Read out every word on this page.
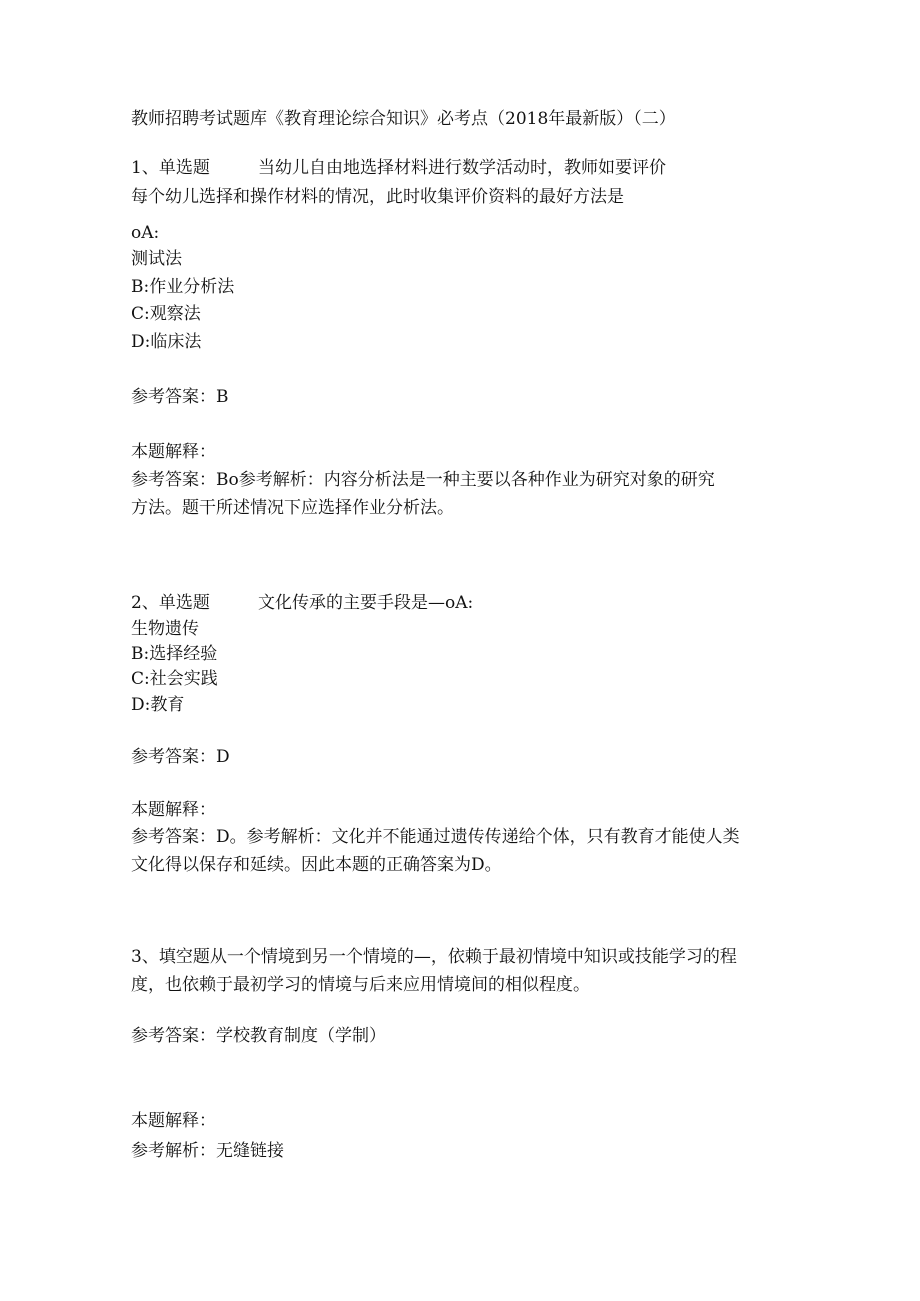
教师招聘考试题库《教育理论综合知识》必考点（2018年最新版）（二）
1、单选题	当幼儿自由地选择材料进行数学活动时，教师如要评价
每个幼儿选择和操作材料的情况，此时收集评价资料的最好方法是
oA:
测试法
B:作业分析法
C:观察法
D:临床法
参考答案：B
本题解释：
参考答案：Bo参考解析：内容分析法是一种主要以各种作业为研究对象的研究
方法。题干所述情况下应选择作业分析法。
2、单选题	文化传承的主要手段是—oA:
生物遗传
B:选择经验
C:社会实践
D:教育
参考答案：D
本题解释：
参考答案：D。参考解析：文化并不能通过遗传传递给个体，只有教育才能使人类
文化得以保存和延续。因此本题的正确答案为D。
3、填空题从一个情境到另一个情境的—，依赖于最初情境中知识或技能学习的程
度，也依赖于最初学习的情境与后来应用情境间的相似程度。
参考答案：学校教育制度（学制）
本题解释：
参考解析：无缝链接
